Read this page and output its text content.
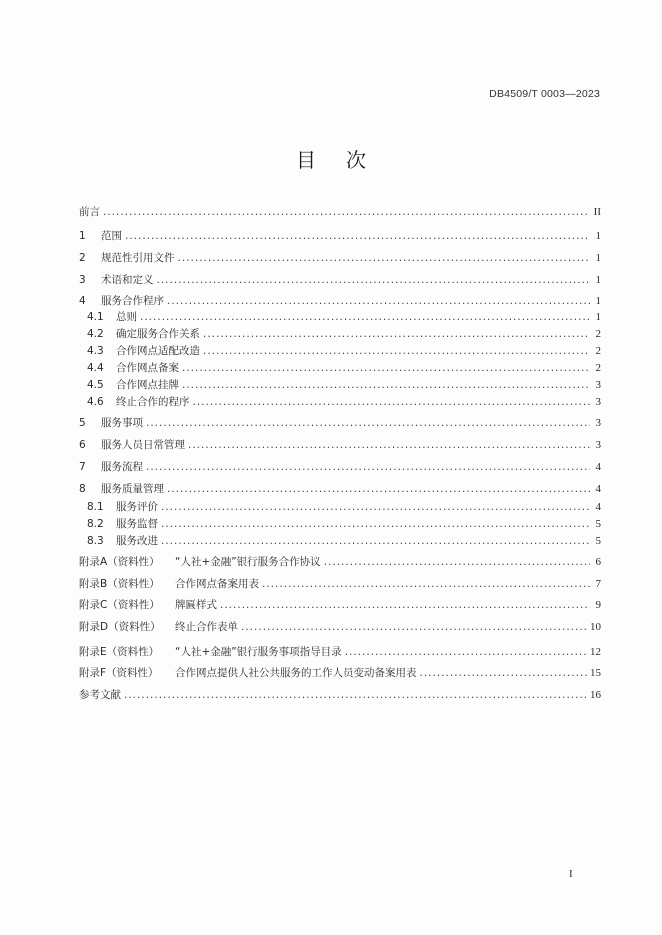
DB4509/T 0003—2023
目次
前言 .....	II
1	范围 .....	1
2	规范性引用文件 .....	1
3	术语和定义 .....	1
4	服务合作程序 .....	1
4.1	总则 .....	1
4.2	确定服务合作关系 .....	2
4.3	合作网点适配改造 .....	2
4.4	合作网点备案 .....	2
4.5	合作网点挂牌 .....	3
4.6	终止合作的程序 .....	3
5	服务事项 .....	3
6	服务人员日常管理 .....	3
7	服务流程 .....	4
8	服务质量管理 .....	4
8.1	服务评价 .....	4
8.2	服务监督 .....	5
8.3	服务改进 .....	5
附录A（资料性）	“人社+金融”银行服务合作协议 .....	6
附录B（资料性）	合作网点备案用表 .....	7
附录C（资料性）	牌匾样式 .....	9
附录D（资料性）	终止合作表单 .....	10
附录E（资料性）	“人社+金融”银行服务事项指导目录 .....	12
附录F（资料性）	合作网点提供人社公共服务的工作人员变动备案用表 .....	15
参考文献 .....	16
I
